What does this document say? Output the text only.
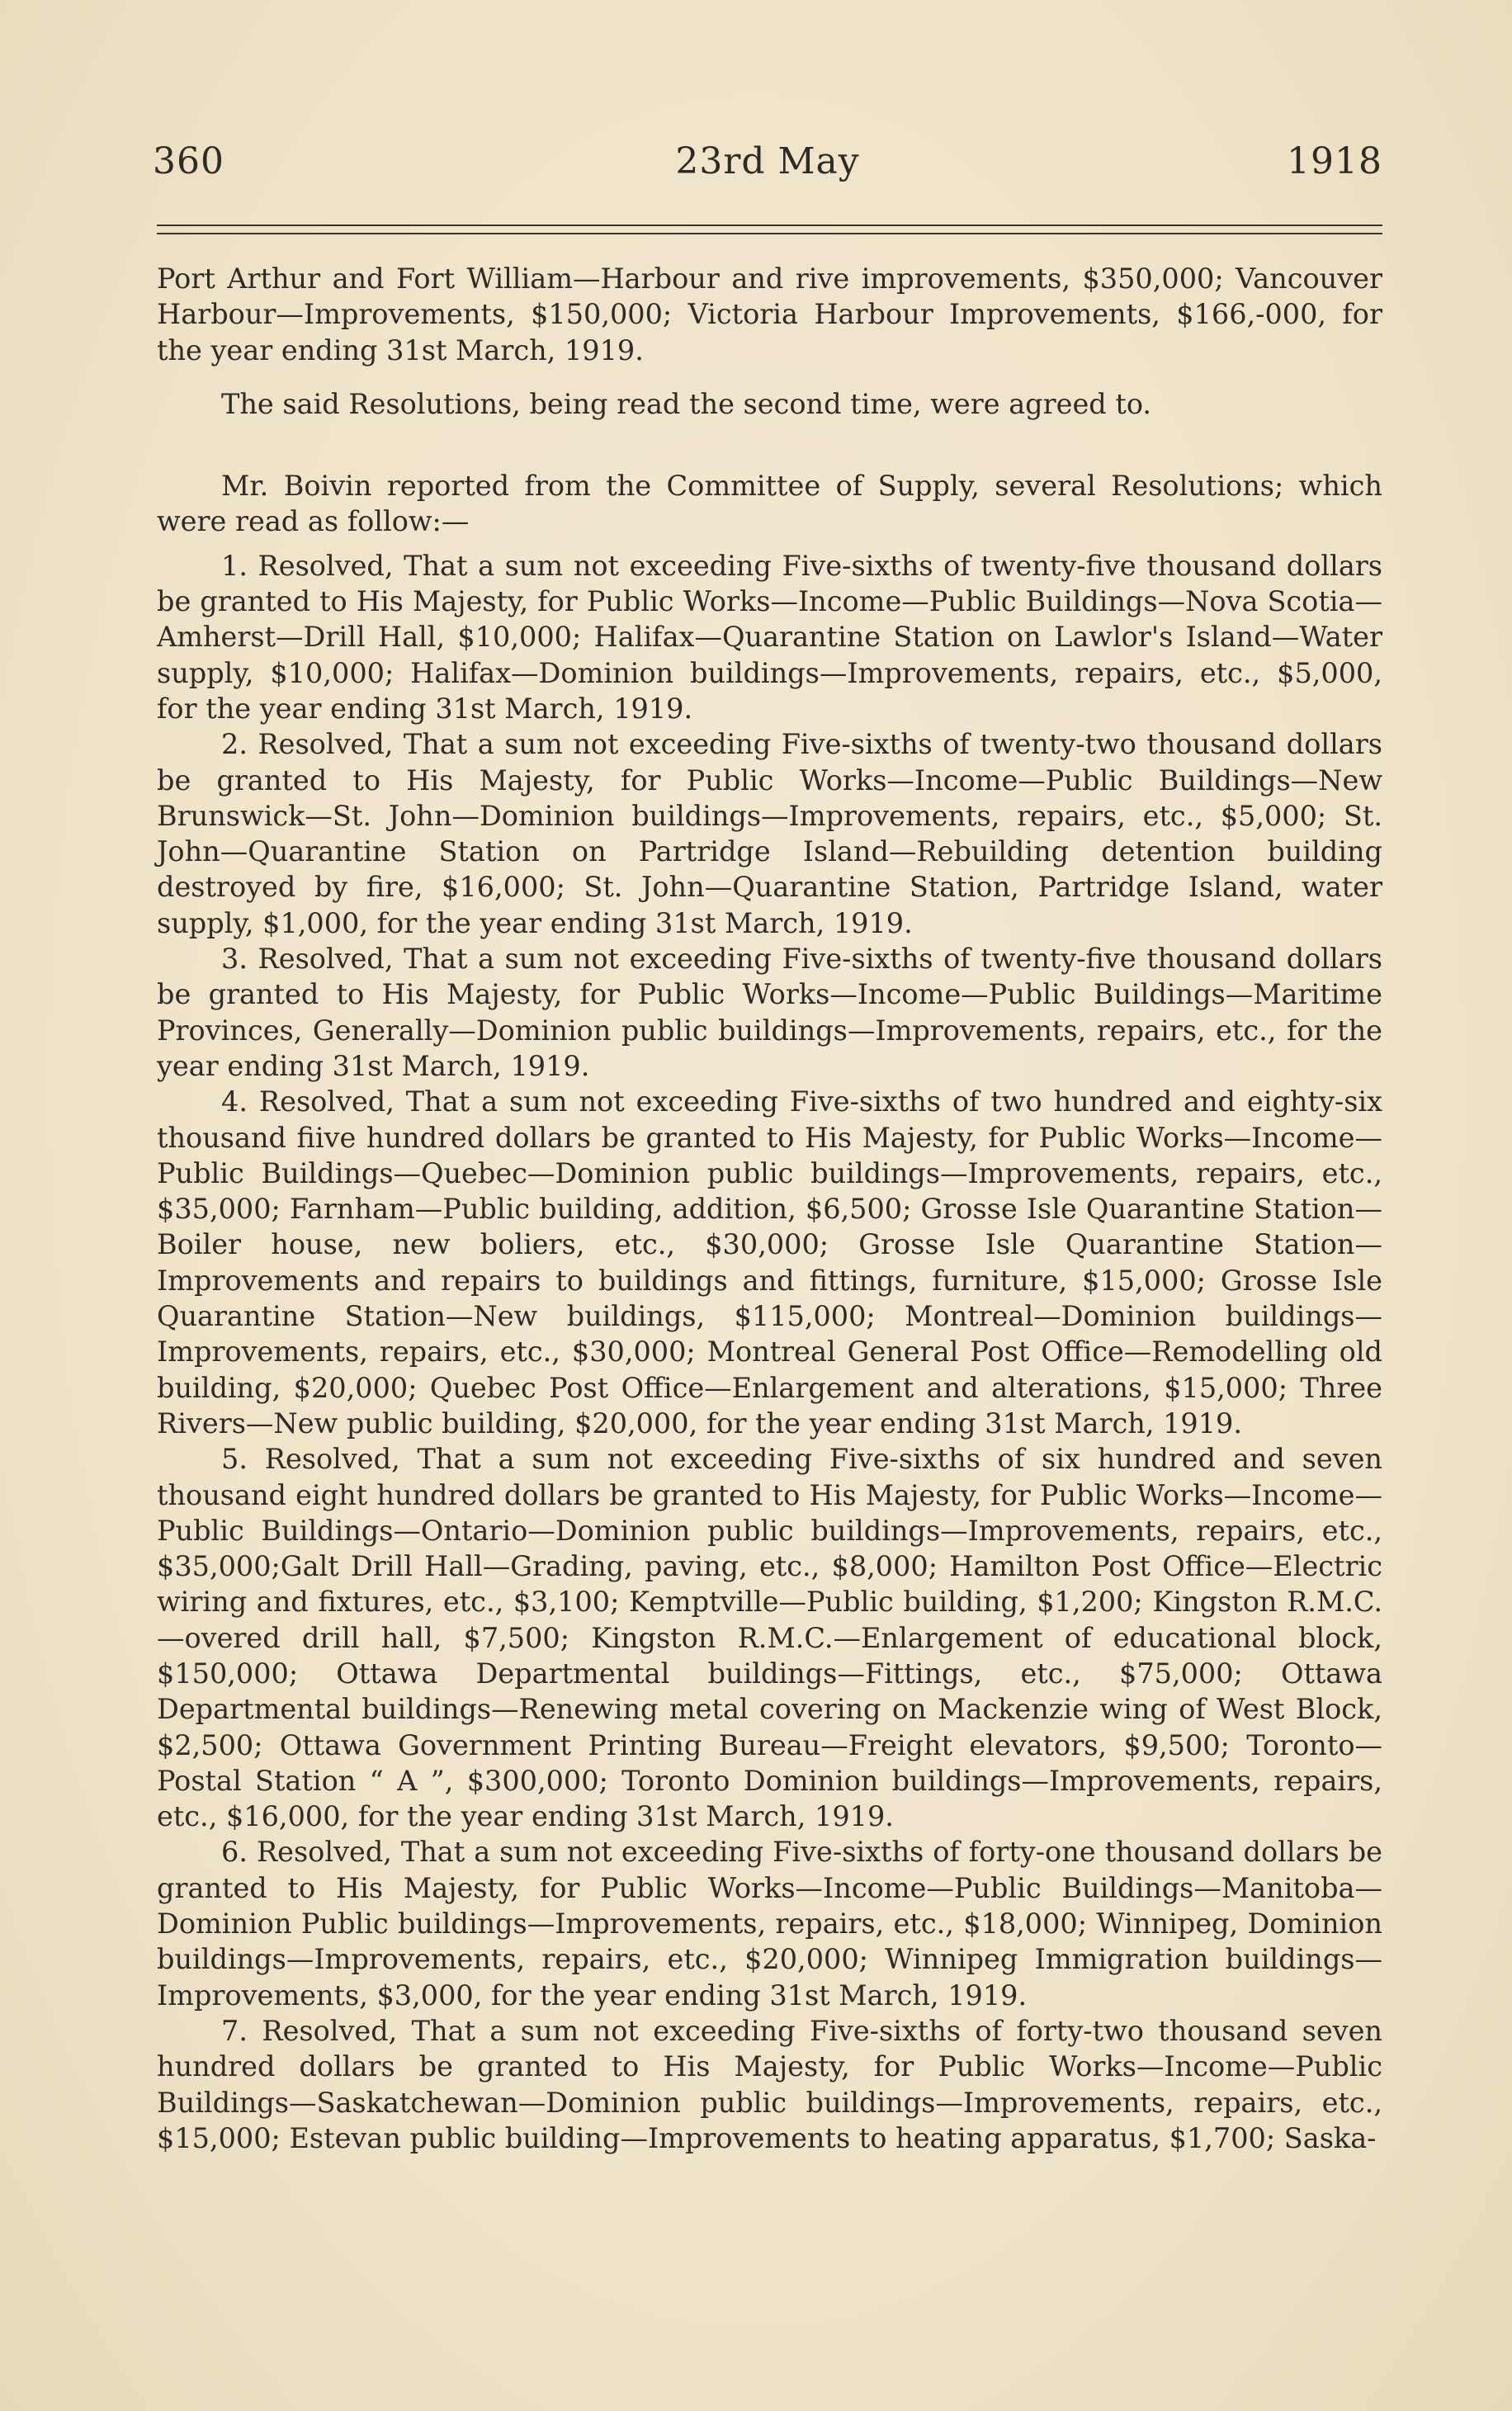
360	23rd May	1918

Port Arthur and Fort William—Harbour and rive improvements, $350,000; Vancouver Harbour—Improvements, $150,000; Victoria Harbour Improvements, $166,-000, for the year ending 31st March, 1919.

The said Resolutions, being read the second time, were agreed to.

Mr. Boivin reported from the Committee of Supply, several Resolutions; which were read as follow:—

1. Resolved, That a sum not exceeding Five-sixths of twenty-five thousand dollars be granted to His Majesty, for Public Works—Income—Public Buildings—Nova Scotia—Amherst—Drill Hall, $10,000; Halifax—Quarantine Station on Lawlor's Island—Water supply, $10,000; Halifax—Dominion buildings—Improvements, repairs, etc., $5,000, for the year ending 31st March, 1919.

2. Resolved, That a sum not exceeding Five-sixths of twenty-two thousand dollars be granted to His Majesty, for Public Works—Income—Public Buildings—New Brunswick—St. John—Dominion buildings—Improvements, repairs, etc., $5,000; St. John—Quarantine Station on Partridge Island—Rebuilding detention building destroyed by fire, $16,000; St. John—Quarantine Station, Partridge Island, water supply, $1,000, for the year ending 31st March, 1919.

3. Resolved, That a sum not exceeding Five-sixths of twenty-five thousand dollars be granted to His Majesty, for Public Works—Income—Public Buildings—Maritime Provinces, Generally—Dominion public buildings—Improvements, repairs, etc., for the year ending 31st March, 1919.

4. Resolved, That a sum not exceeding Five-sixths of two hundred and eighty-six thousand fiive hundred dollars be granted to His Majesty, for Public Works—Income—Public Buildings—Quebec—Dominion public buildings—Improvements, repairs, etc., $35,000; Farnham—Public building, addition, $6,500; Grosse Isle Quarantine Station—Boiler house, new boliers, etc., $30,000; Grosse Isle Quarantine Station—Improvements and repairs to buildings and fittings, furniture, $15,000; Grosse Isle Quarantine Station—New buildings, $115,000; Montreal—Dominion buildings—Improvements, repairs, etc., $30,000; Montreal General Post Office—Remodelling old building, $20,000; Quebec Post Office—Enlargement and alterations, $15,000; Three Rivers—New public building, $20,000, for the year ending 31st March, 1919.

5. Resolved, That a sum not exceeding Five-sixths of six hundred and seven thousand eight hundred dollars be granted to His Majesty, for Public Works—Income—Public Buildings—Ontario—Dominion public buildings—Improvements, repairs, etc., $35,000;Galt Drill Hall—Grading, paving, etc., $8,000; Hamilton Post Office—Electric wiring and fixtures, etc., $3,100; Kemptville—Public building, $1,200; Kingston R.M.C.—overed drill hall, $7,500; Kingston R.M.C.—Enlargement of educational block, $150,000; Ottawa Departmental buildings—Fittings, etc., $75,000; Ottawa Departmental buildings—Renewing metal covering on Mackenzie wing of West Block, $2,500; Ottawa Government Printing Bureau—Freight elevators, $9,500; Toronto—Postal Station “ A ”, $300,000; Toronto Dominion buildings—Improvements, repairs, etc., $16,000, for the year ending 31st March, 1919.

6. Resolved, That a sum not exceeding Five-sixths of forty-one thousand dollars be granted to His Majesty, for Public Works—Income—Public Buildings—Manitoba—Dominion Public buildings—Improvements, repairs, etc., $18,000; Winnipeg, Dominion buildings—Improvements, repairs, etc., $20,000; Winnipeg Immigration buildings—Improvements, $3,000, for the year ending 31st March, 1919.

7. Resolved, That a sum not exceeding Five-sixths of forty-two thousand seven hundred dollars be granted to His Majesty, for Public Works—Income—Public Buildings—Saskatchewan—Dominion public buildings—Improvements, repairs, etc., $15,000; Estevan public building—Improvements to heating apparatus, $1,700; Saska-
